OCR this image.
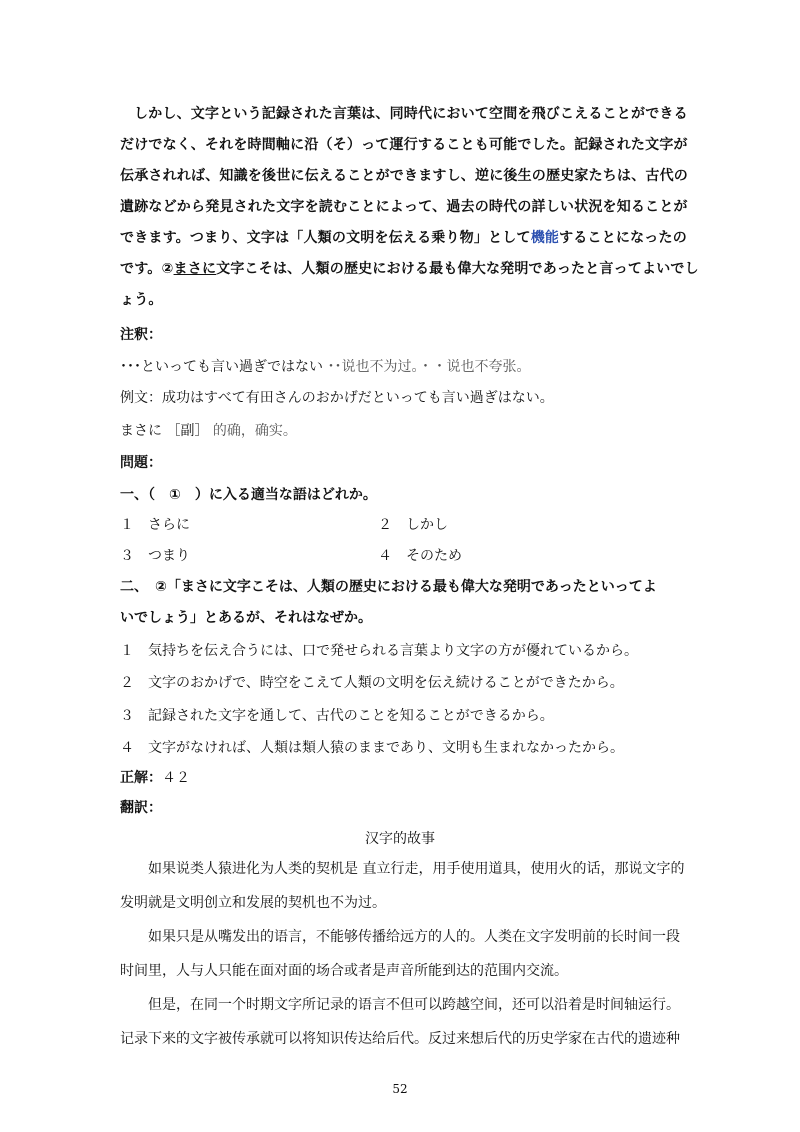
しかし、文字という記録された言葉は、同時代において空間を飛びこえることができるだけでなく、それを時間軸に沿（そ）って運行することも可能でした。記録された文字が伝承されれば、知識を後世に伝えることができますし、逆に後生の歴史家たちは、古代の遺跡などから発見された文字を読むことによって、過去の時代の詳しい状況を知ることができます。つまり、文字は「人類の文明を伝える乗り物」として機能することになったのです。②まさに文字こそは、人類の歴史における最も偉大な発明であったと言ってよいでしょう。
注釈：
･･･といっても言い過ぎではない ･･说也不为过。・・说也不夸张。
例文：成功はすべて有田さんのおかげだといっても言い過ぎはない。
まさに ［副］ 的确，确实。
問題：
一、（　①　）に入る適当な語はどれか。
１　さらに	２　しかし
３　つまり	４　そのため
二、　②「まさに文字こそは、人類の歴史における最も偉大な発明であったといってよ
いでしょう」とあるが、それはなぜか。
１　気持ちを伝え合うには、口で発せられる言葉より文字の方が優れているから。
２　文字のおかげで、時空をこえて人類の文明を伝え続けることができたから。
３　記録された文字を通して、古代のことを知ることができるから。
４　文字がなければ、人類は類人猿のままであり、文明も生まれなかったから。
正解：４２
翻訳：
汉字的故事
如果说类人猿进化为人类的契机是 直立行走，用手使用道具，使用火的话，那说文字的发明就是文明创立和发展的契机也不为过。
如果只是从嘴发出的语言，不能够传播给远方的人的。人类在文字发明前的长时间一段时间里，人与人只能在面对面的场合或者是声音所能到达的范围内交流。
但是，在同一个时期文字所记录的语言不但可以跨越空间，还可以沿着是时间轴运行。记录下来的文字被传承就可以将知识传达给后代。反过来想后代的历史学家在古代的遗迹种
52
